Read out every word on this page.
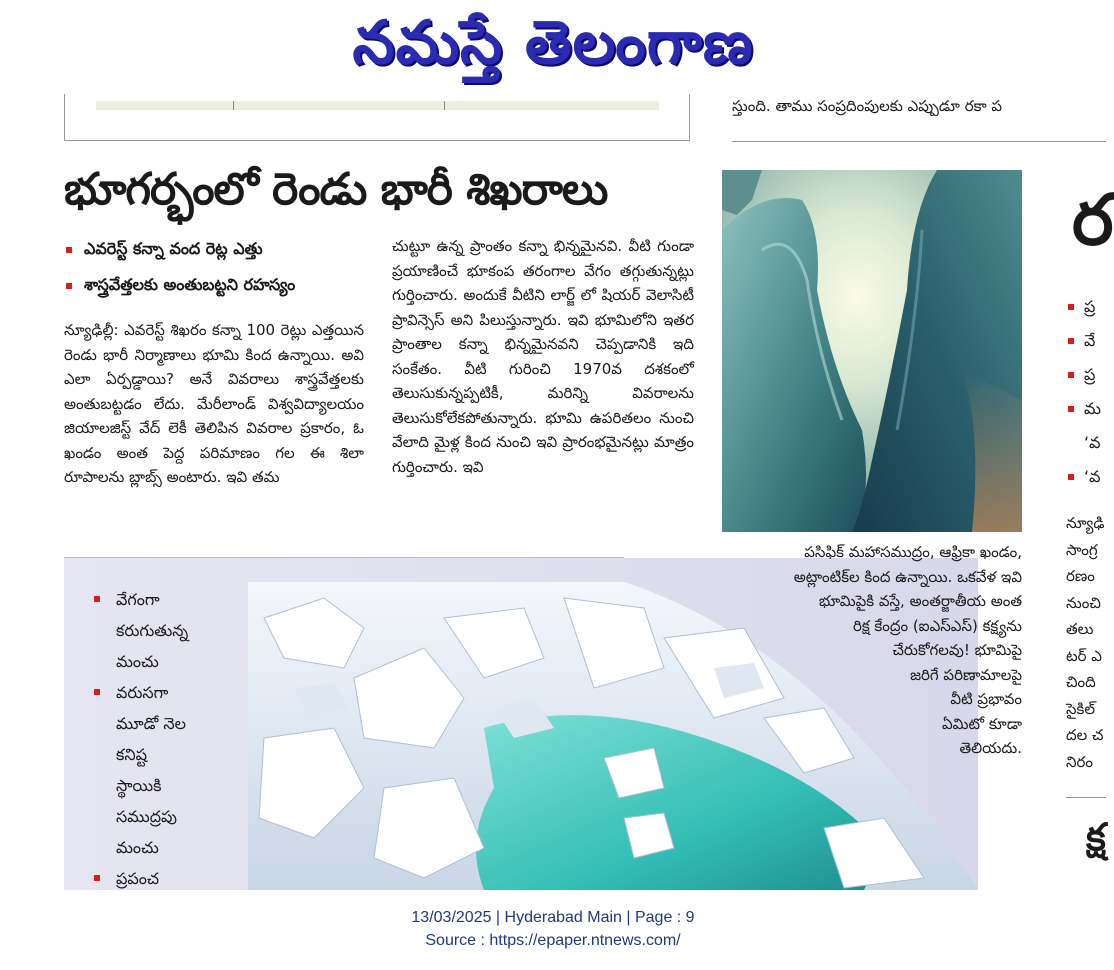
నమస్తే తెలంగాణ
స్తుంది. తాము సంప్రదింపులకు ఎప్పుడూ రకా ప
భూగర్భంలో రెండు భారీ శిఖరాలు
ఎవరెస్ట్ కన్నా వంద రెట్ల ఎత్తు
శాస్త్రవేత్తలకు అంతుబట్టని రహస్యం

న్యూఢిల్లీ: ఎవరెస్ట్ శిఖరం కన్నా 100 రెట్లు ఎత్తయిన రెండు భారీ నిర్మాణాలు భూమి కింద ఉన్నాయి. అవి ఎలా ఏర్పడ్డాయి? అనే వివరాలు శాస్త్రవేత్తలకు అంతుబట్టడం లేదు. మేరీలాండ్ విశ్వవిద్యాలయం జియాలజిస్ట్ వేద్ లెకీ తెలిపిన వివరాల ప్రకారం, ఓ ఖండం అంత పెద్ద పరిమాణం గల ఈ శిలా రూపాలను బ్లాబ్స్ అంటారు. ఇవి తమ

చుట్టూ ఉన్న ప్రాంతం కన్నా భిన్నమైనవి. వీటి గుండా ప్రయాణించే భూకంప తరంగాల వేగం తగ్గుతున్నట్లు గుర్తించారు. అందుకే వీటిని లార్జ్ లో షియర్ వెలాసిటీ ప్రావిన్సెస్ అని పిలుస్తున్నారు. ఇవి భూమిలోని ఇతర ప్రాంతాల కన్నా భిన్నమైనవని చెప్పడానికి ఇది సంకేతం. వీటి గురించి 1970వ దశకంలో తెలుసుకున్నప్పటికీ, మరిన్ని వివరాలను తెలుసుకోలేకపోతున్నారు. భూమి ఉపరితలం నుంచి వేలాది మైళ్ల కింద నుంచి ఇవి ప్రారంభమైనట్లు మాత్రం గుర్తించారు. ఇవి

వేగంగా
కరుగుతున్న
మంచు
వరుసగా
మూడో నెల
కనిష్ట
స్థాయికి
సముద్రపు
మంచు
ప్రపంచ
పసిఫిక్ మహాసముద్రం, ఆఫ్రికా ఖండం,
అట్లాంటిక్‌ల కింద ఉన్నాయి. ఒకవేళ ఇవి
భూమిపైకి వస్తే, అంతర్జాతీయ అంత
రిక్ష కేంద్రం (ఐఎస్ఎస్) కక్ష్యను
చేరుకోగలవు! భూమిపై
జరిగే పరిణామాలపై
వీటి ప్రభావం
ఏమిటో కూడా
తెలియదు.
ర
ప్ర
వే
ప్ర
మ
‘వ
‘వ
న్యూఢి
సాంగ్ర
రణం
నుంచి
తలు
టర్ ఎ
చింది
సైకిల్
దల చ
నిరం
క్ష
13/03/2025 | Hyderabad Main | Page : 9
Source : https://epaper.ntnews.com/
